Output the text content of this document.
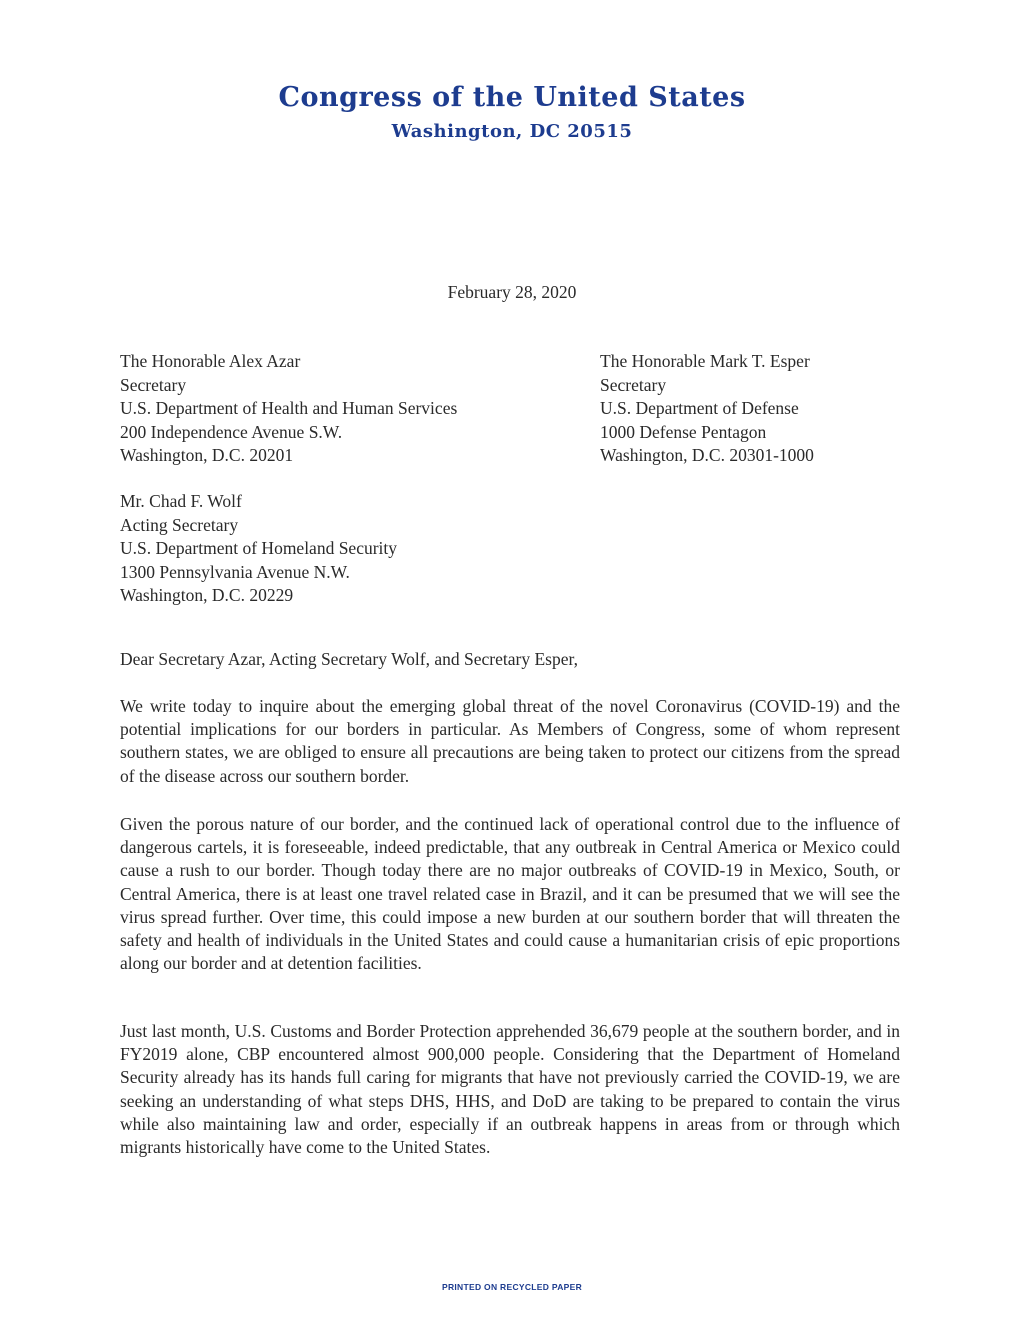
Congress of the United States
Washington, DC 20515
February 28, 2020
The Honorable Alex Azar
Secretary
U.S. Department of Health and Human Services
200 Independence Avenue S.W.
Washington, D.C. 20201
The Honorable Mark T. Esper
Secretary
U.S. Department of Defense
1000 Defense Pentagon
Washington, D.C. 20301-1000
Mr. Chad F. Wolf
Acting Secretary
U.S. Department of Homeland Security
1300 Pennsylvania Avenue N.W.
Washington, D.C. 20229
Dear Secretary Azar, Acting Secretary Wolf, and Secretary Esper,
We write today to inquire about the emerging global threat of the novel Coronavirus (COVID-19) and the potential implications for our borders in particular. As Members of Congress, some of whom represent southern states, we are obliged to ensure all precautions are being taken to protect our citizens from the spread of the disease across our southern border.
Given the porous nature of our border, and the continued lack of operational control due to the influence of dangerous cartels, it is foreseeable, indeed predictable, that any outbreak in Central America or Mexico could cause a rush to our border. Though today there are no major outbreaks of COVID-19 in Mexico, South, or Central America, there is at least one travel related case in Brazil, and it can be presumed that we will see the virus spread further. Over time, this could impose a new burden at our southern border that will threaten the safety and health of individuals in the United States and could cause a humanitarian crisis of epic proportions along our border and at detention facilities.
Just last month, U.S. Customs and Border Protection apprehended 36,679 people at the southern border, and in FY2019 alone, CBP encountered almost 900,000 people. Considering that the Department of Homeland Security already has its hands full caring for migrants that have not previously carried the COVID-19, we are seeking an understanding of what steps DHS, HHS, and DoD are taking to be prepared to contain the virus while also maintaining law and order, especially if an outbreak happens in areas from or through which migrants historically have come to the United States.
PRINTED ON RECYCLED PAPER
